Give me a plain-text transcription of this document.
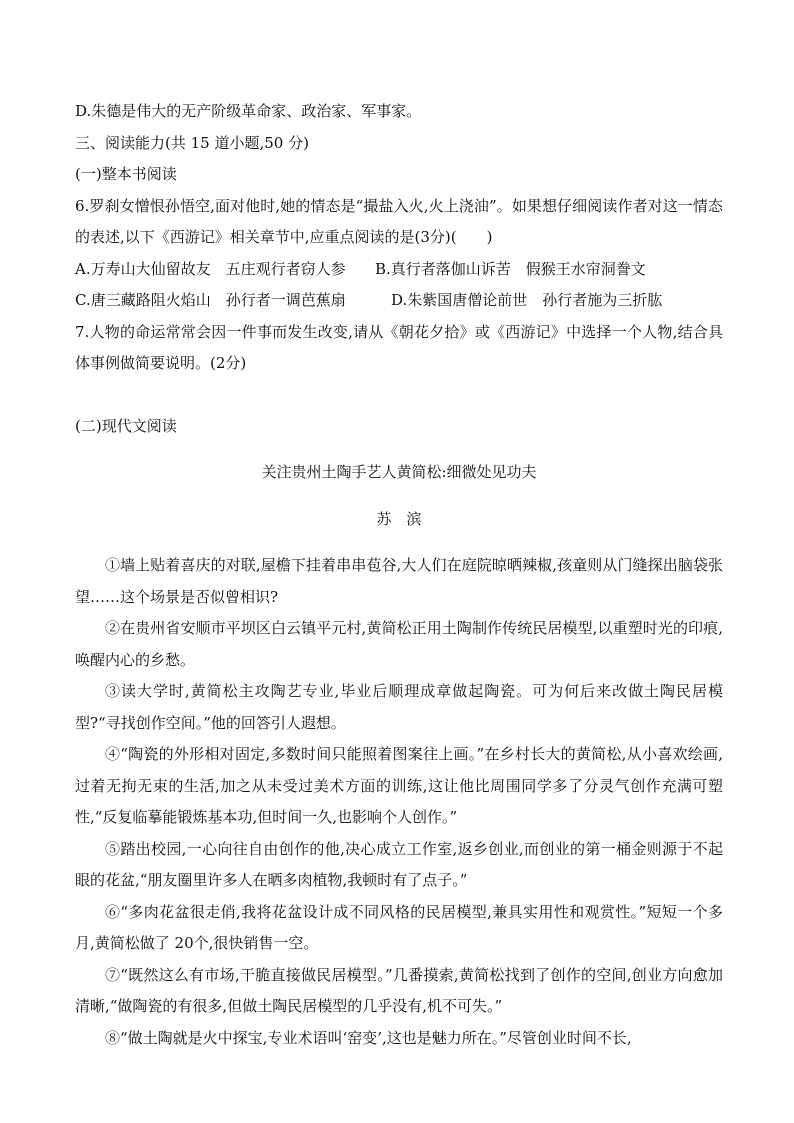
D.朱德是伟大的无产阶级革命家、政治家、军事家。

三、阅读能力(共 15 道小题,50 分)

(一)整本书阅读

6.罗刹女憎恨孙悟空,面对他时,她的情态是“撮盐入火,火上浇油”。如果想仔细阅读作者对这一情态的表述,以下《西游记》相关章节中,应重点阅读的是(3分)(　　)

A.万寿山大仙留故友　五庄观行者窃人参	B.真行者落伽山诉苦　假猴王水帘洞誊文
C.唐三藏路阻火焰山　孙行者一调芭蕉扇	D.朱紫国唐僧论前世　孙行者施为三折肱

7.人物的命运常常会因一件事而发生改变,请从《朝花夕拾》或《西游记》中选择一个人物,结合具体事例做简要说明。(2分)

(二)现代文阅读

关注贵州土陶手艺人黄简松:细微处见功夫

苏　滨

①墙上贴着喜庆的对联,屋檐下挂着串串苞谷,大人们在庭院晾晒辣椒,孩童则从门缝探出脑袋张望……这个场景是否似曾相识?

②在贵州省安顺市平坝区白云镇平元村,黄简松正用土陶制作传统民居模型,以重塑时光的印痕,唤醒内心的乡愁。

③读大学时,黄简松主攻陶艺专业,毕业后顺理成章做起陶瓷。可为何后来改做土陶民居模型?“寻找创作空间。”他的回答引人遐想。

④“陶瓷的外形相对固定,多数时间只能照着图案往上画。”在乡村长大的黄简松,从小喜欢绘画,过着无拘无束的生活,加之从未受过美术方面的训练,这让他比周围同学多了分灵气创作充满可塑性,“反复临摹能锻炼基本功,但时间一久,也影响个人创作。”

⑤踏出校园,一心向往自由创作的他,决心成立工作室,返乡创业,而创业的第一桶金则源于不起眼的花盆,“朋友圈里许多人在晒多肉植物,我顿时有了点子。”

⑥“多肉花盆很走俏,我将花盆设计成不同风格的民居模型,兼具实用性和观赏性。”短短一个多月,黄简松做了 20个,很快销售一空。

⑦“既然这么有市场,干脆直接做民居模型。”几番摸索,黄简松找到了创作的空间,创业方向愈加清晰,“做陶瓷的有很多,但做土陶民居模型的几乎没有,机不可失。”

⑧“做土陶就是火中探宝,专业术语叫‘窑变’,这也是魅力所在。”尽管创业时间不长,
